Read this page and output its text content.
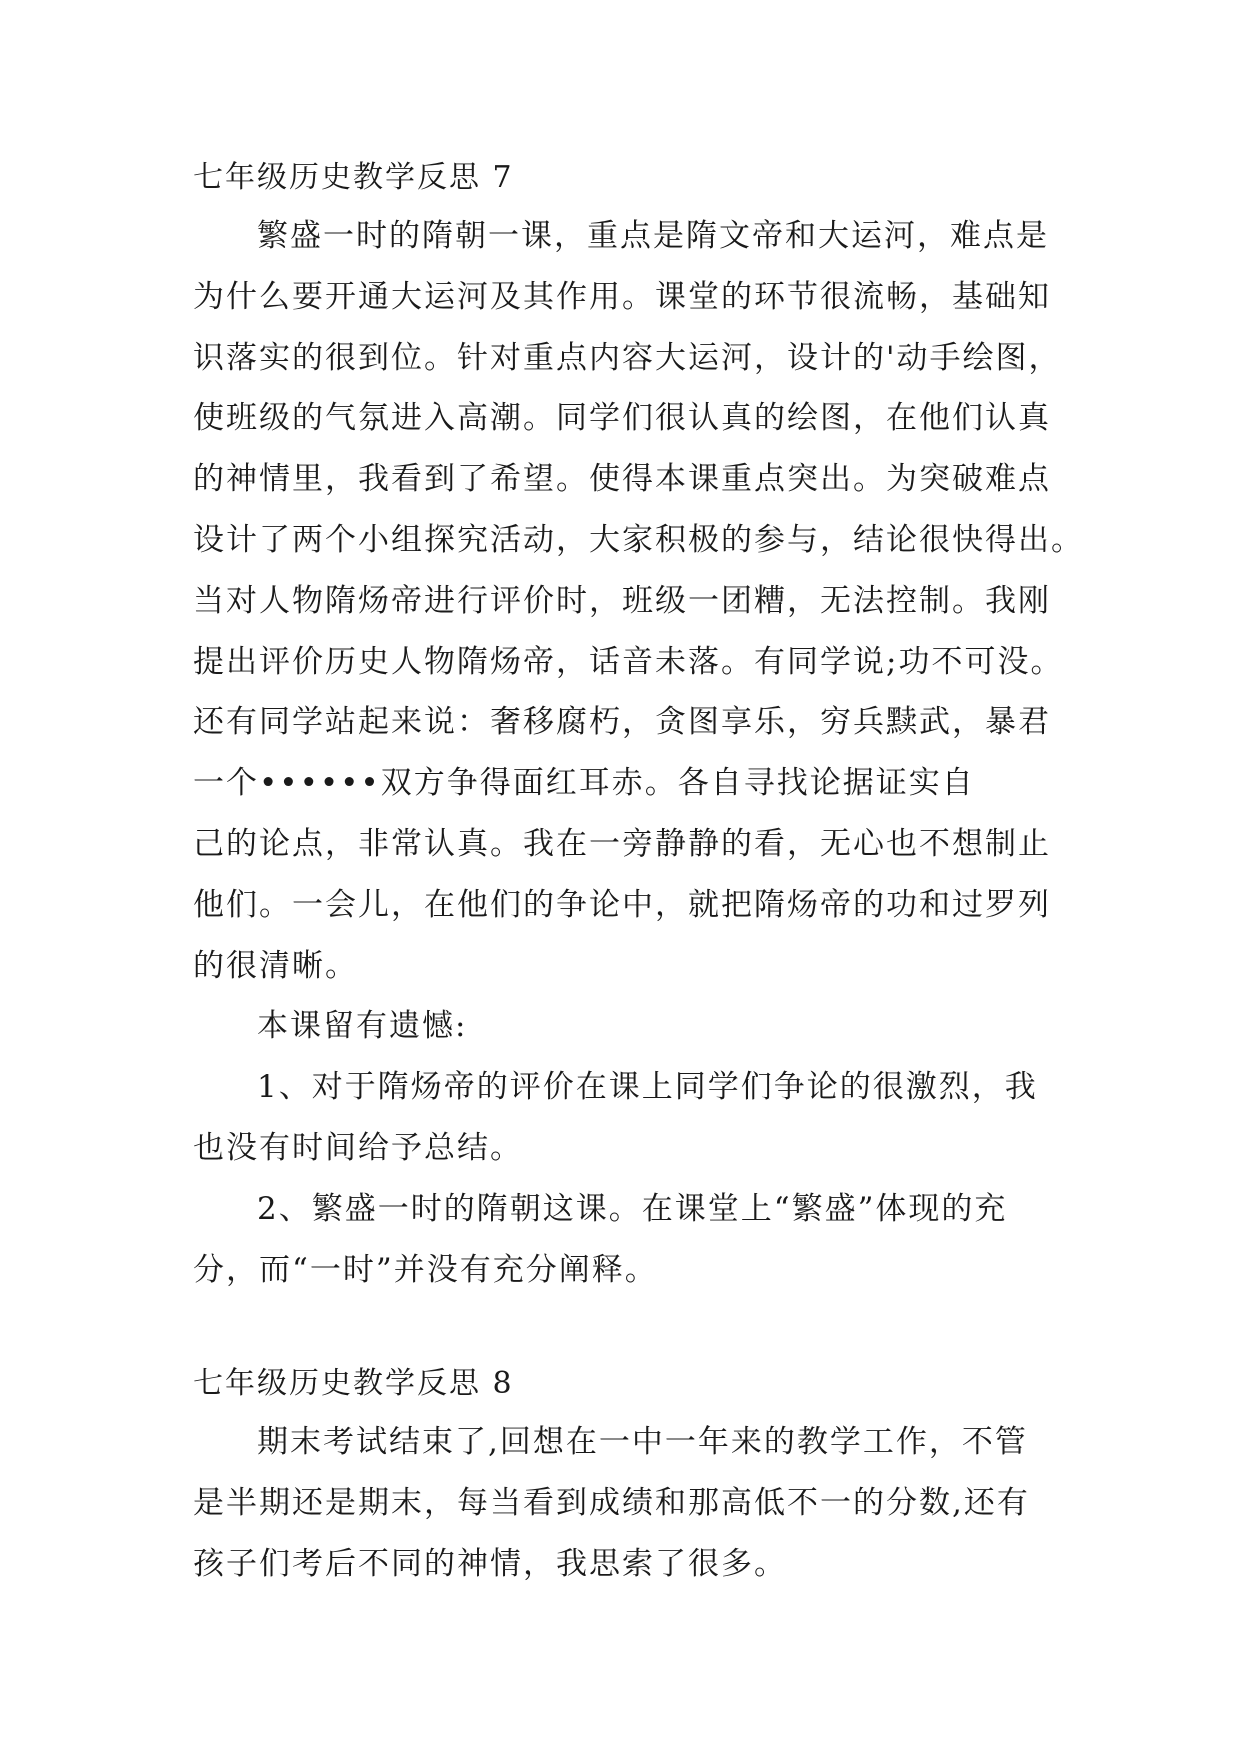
七年级历史教学反思 7
繁盛一时的隋朝一课，重点是隋文帝和大运河，难点是
为什么要开通大运河及其作用。课堂的环节很流畅，基础知
识落实的很到位。针对重点内容大运河，设计的'动手绘图，
使班级的气氛进入高潮。同学们很认真的绘图，在他们认真
的神情里，我看到了希望。使得本课重点突出。为突破难点
设计了两个小组探究活动，大家积极的参与，结论很快得出。
当对人物隋炀帝进行评价时，班级一团糟，无法控制。我刚
提出评价历史人物隋炀帝，话音未落。有同学说;功不可没。
还有同学站起来说：奢移腐朽，贪图享乐，穷兵黩武，暴君
一个••••••双方争得面红耳赤。各自寻找论据证实自
己的论点，非常认真。我在一旁静静的看，无心也不想制止
他们。一会儿，在他们的争论中，就把隋炀帝的功和过罗列
的很清晰。
本课留有遗憾:
1、对于隋炀帝的评价在课上同学们争论的很激烈，我
也没有时间给予总结。
2、繁盛一时的隋朝这课。在课堂上“繁盛”体现的充
分，而“一时”并没有充分阐释。
七年级历史教学反思 8
期末考试结束了,回想在一中一年来的教学工作，不管
是半期还是期末，每当看到成绩和那高低不一的分数,还有
孩子们考后不同的神情，我思索了很多。
